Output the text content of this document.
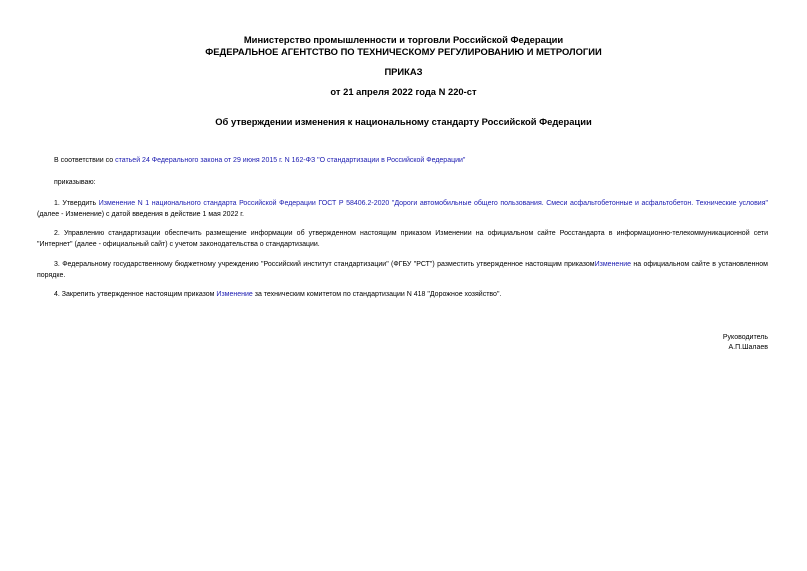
Министерство промышленности и торговли Российской Федерации
ФЕДЕРАЛЬНОЕ АГЕНТСТВО ПО ТЕХНИЧЕСКОМУ РЕГУЛИРОВАНИЮ И МЕТРОЛОГИИ
ПРИКАЗ
от 21 апреля 2022 года N 220-ст
Об утверждении изменения к национальному стандарту Российской Федерации
В соответствии со статьей 24 Федерального закона от 29 июня 2015 г. N 162-ФЗ "О стандартизации в Российской Федерации"
приказываю:
1. Утвердить Изменение N 1 национального стандарта Российской Федерации ГОСТ Р 58406.2-2020 "Дороги автомобильные общего пользования. Смеси асфальтобетонные и асфальтобетон. Технические условия" (далее - Изменение) с датой введения в действие 1 мая 2022 г.
2. Управлению стандартизации обеспечить размещение информации об утвержденном настоящим приказом Изменении на официальном сайте Росстандарта в информационно-телекоммуникационной сети "Интернет" (далее - официальный сайт) с учетом законодательства о стандартизации.
3. Федеральному государственному бюджетному учреждению "Российский институт стандартизации" (ФГБУ "РСТ") разместить утвержденное настоящим приказомИзменение на официальном сайте в установленном порядке.
4. Закрепить утвержденное настоящим приказом Изменение за техническим комитетом по стандартизации N 418 "Дорожное хозяйство".
Руководитель
А.П.Шалаев
